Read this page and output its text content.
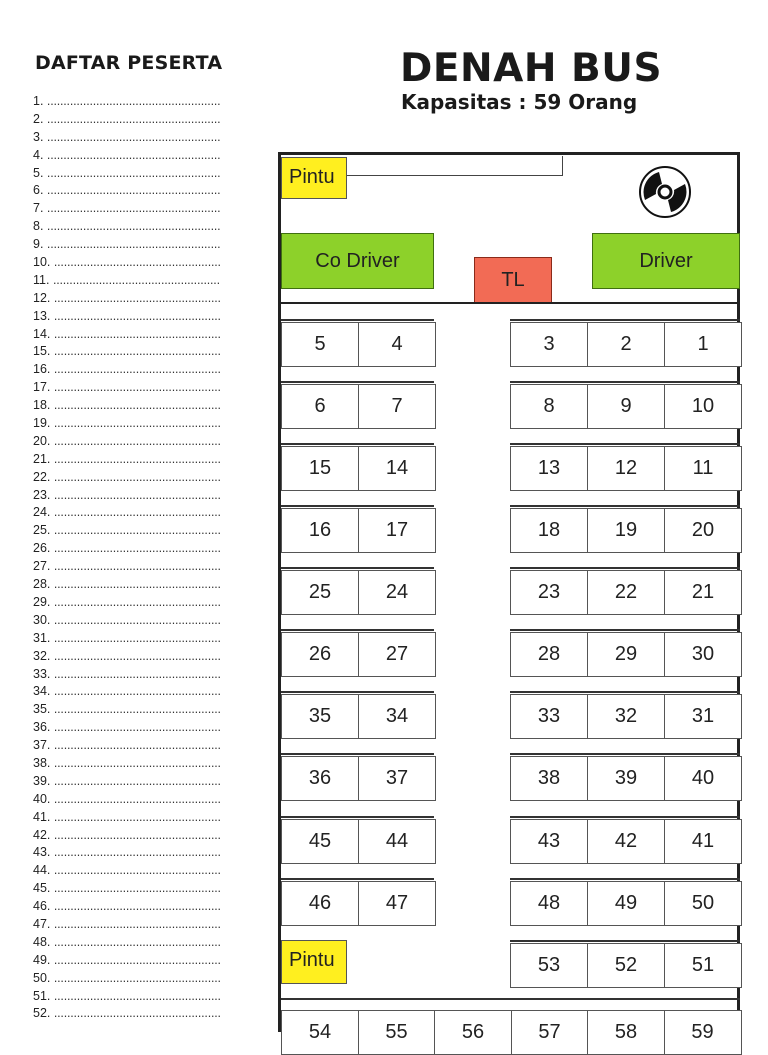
DAFTAR PESERTA
1. .....................................................
2. .....................................................
3. .....................................................
4. .....................................................
5. .....................................................
6. .....................................................
7. .....................................................
8. .....................................................
9. .....................................................
10. ...................................................
11. ...................................................
12. ...................................................
13. ...................................................
14. ...................................................
15. ...................................................
16. ...................................................
17. ...................................................
18. ...................................................
19. ...................................................
20. ...................................................
21. ...................................................
22. ...................................................
23. ...................................................
24. ...................................................
25. ...................................................
26. ...................................................
27. ...................................................
28. ...................................................
29. ...................................................
30. ...................................................
31. ...................................................
32. ...................................................
33. ...................................................
34. ...................................................
35. ...................................................
36. ...................................................
37. ...................................................
38. ...................................................
39. ...................................................
40. ...................................................
41. ...................................................
42. ...................................................
43. ...................................................
44. ...................................................
45. ...................................................
46. ...................................................
47. ...................................................
48. ...................................................
49. ...................................................
50. ...................................................
51. ...................................................
52. ...................................................
DENAH BUS
Kapasitas : 59 Orang
Pintu
Co Driver
TL
Driver
Pintu
5	4	3	2	1
6	7	8	9	10
15	14	13	12	11
16	17	18	19	20
25	24	23	22	21
26	27	28	29	30
35	34	33	32	31
36	37	38	39	40
45	44	43	42	41
46	47	48	49	50
53	52	51
54	55	56	57	58	59
